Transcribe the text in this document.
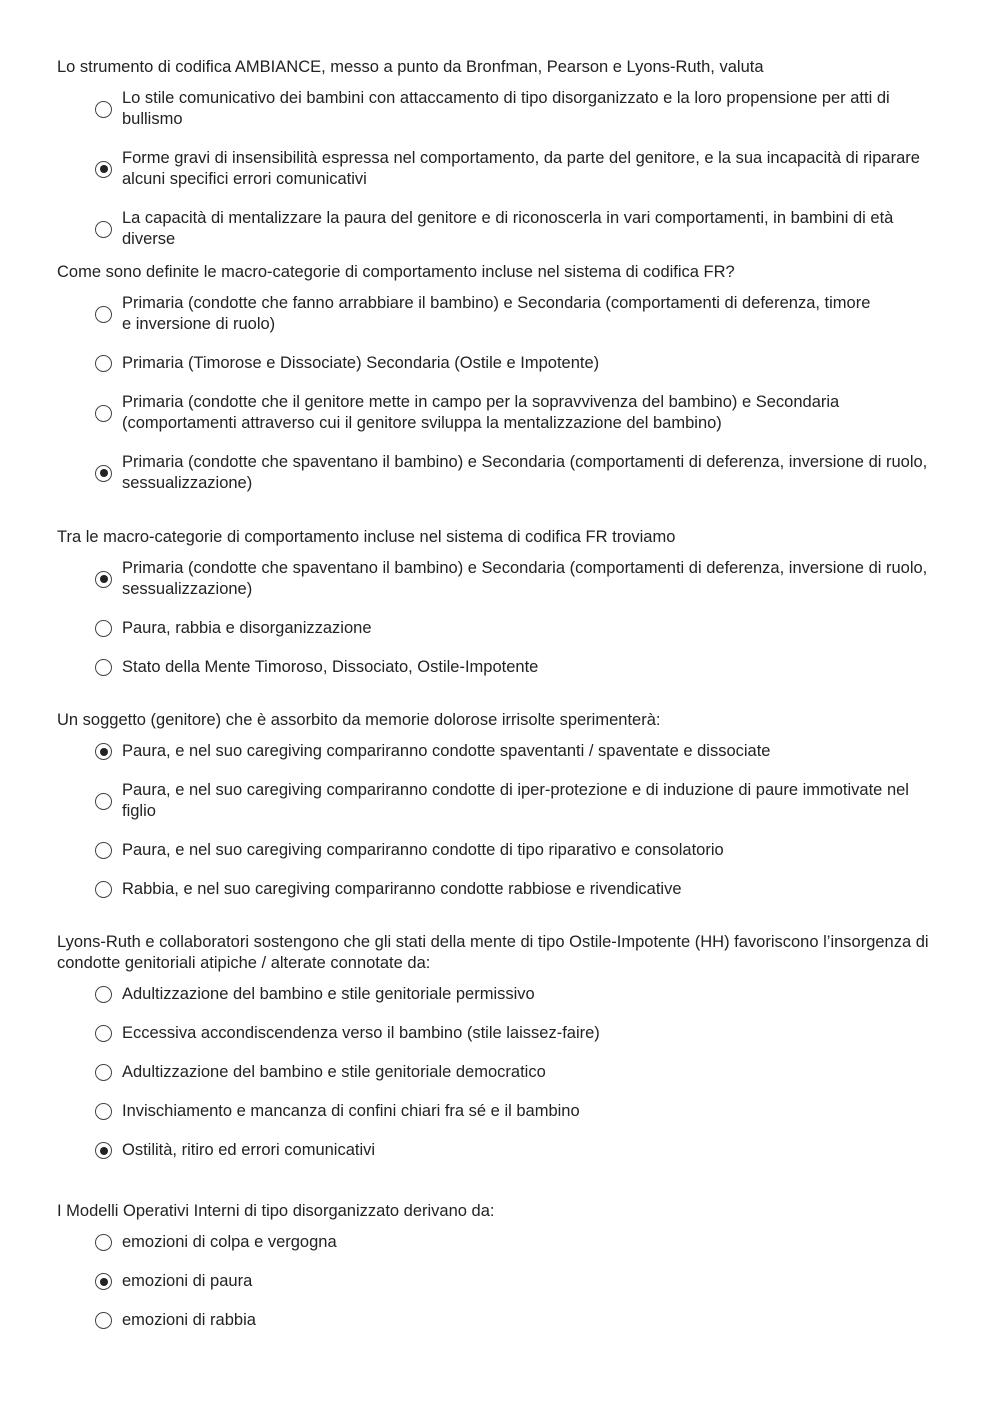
Lo strumento di codifica AMBIANCE, messo a punto da Bronfman, Pearson e Lyons-Ruth, valuta

Lo stile comunicativo dei bambini con attaccamento di tipo disorganizzato e la loro propensione per atti di bullismo
Forme gravi di insensibilità espressa nel comportamento, da parte del genitore, e la sua incapacità di riparare alcuni specifici errori comunicativi
La capacità di mentalizzare la paura del genitore e di riconoscerla in vari comportamenti, in bambini di età diverse

Come sono definite le macro-categorie di comportamento incluse nel sistema di codifica FR?

Primaria (condotte che fanno arrabbiare il bambino) e Secondaria (comportamenti di deferenza, timore
e inversione di ruolo)
Primaria (Timorose e Dissociate) Secondaria (Ostile e Impotente)
Primaria (condotte che il genitore mette in campo per la sopravvivenza del bambino) e Secondaria (comportamenti attraverso cui il genitore sviluppa la mentalizzazione del bambino)
Primaria (condotte che spaventano il bambino) e Secondaria (comportamenti di deferenza, inversione di ruolo, sessualizzazione)

Tra le macro-categorie di comportamento incluse nel sistema di codifica FR troviamo

Primaria (condotte che spaventano il bambino) e Secondaria (comportamenti di deferenza, inversione di ruolo, sessualizzazione)
Paura, rabbia e disorganizzazione
Stato della Mente Timoroso, Dissociato, Ostile-Impotente

Un soggetto (genitore) che è assorbito da memorie dolorose irrisolte sperimenterà:

Paura, e nel suo caregiving compariranno condotte spaventanti / spaventate e dissociate
Paura, e nel suo caregiving compariranno condotte di iper-protezione e di induzione di paure immotivate nel figlio
Paura, e nel suo caregiving compariranno condotte di tipo riparativo e consolatorio
Rabbia, e nel suo caregiving compariranno condotte rabbiose e rivendicative

Lyons-Ruth e collaboratori sostengono che gli stati della mente di tipo Ostile-Impotente (HH) favoriscono l’insorgenza di condotte genitoriali atipiche / alterate connotate da:

Adultizzazione del bambino e stile genitoriale permissivo
Eccessiva accondiscendenza verso il bambino (stile laissez-faire)
Adultizzazione del bambino e stile genitoriale democratico
Invischiamento e mancanza di confini chiari fra sé e il bambino
Ostilità, ritiro ed errori comunicativi

I Modelli Operativi Interni di tipo disorganizzato derivano da:

emozioni di colpa e vergogna
emozioni di paura
emozioni di rabbia
